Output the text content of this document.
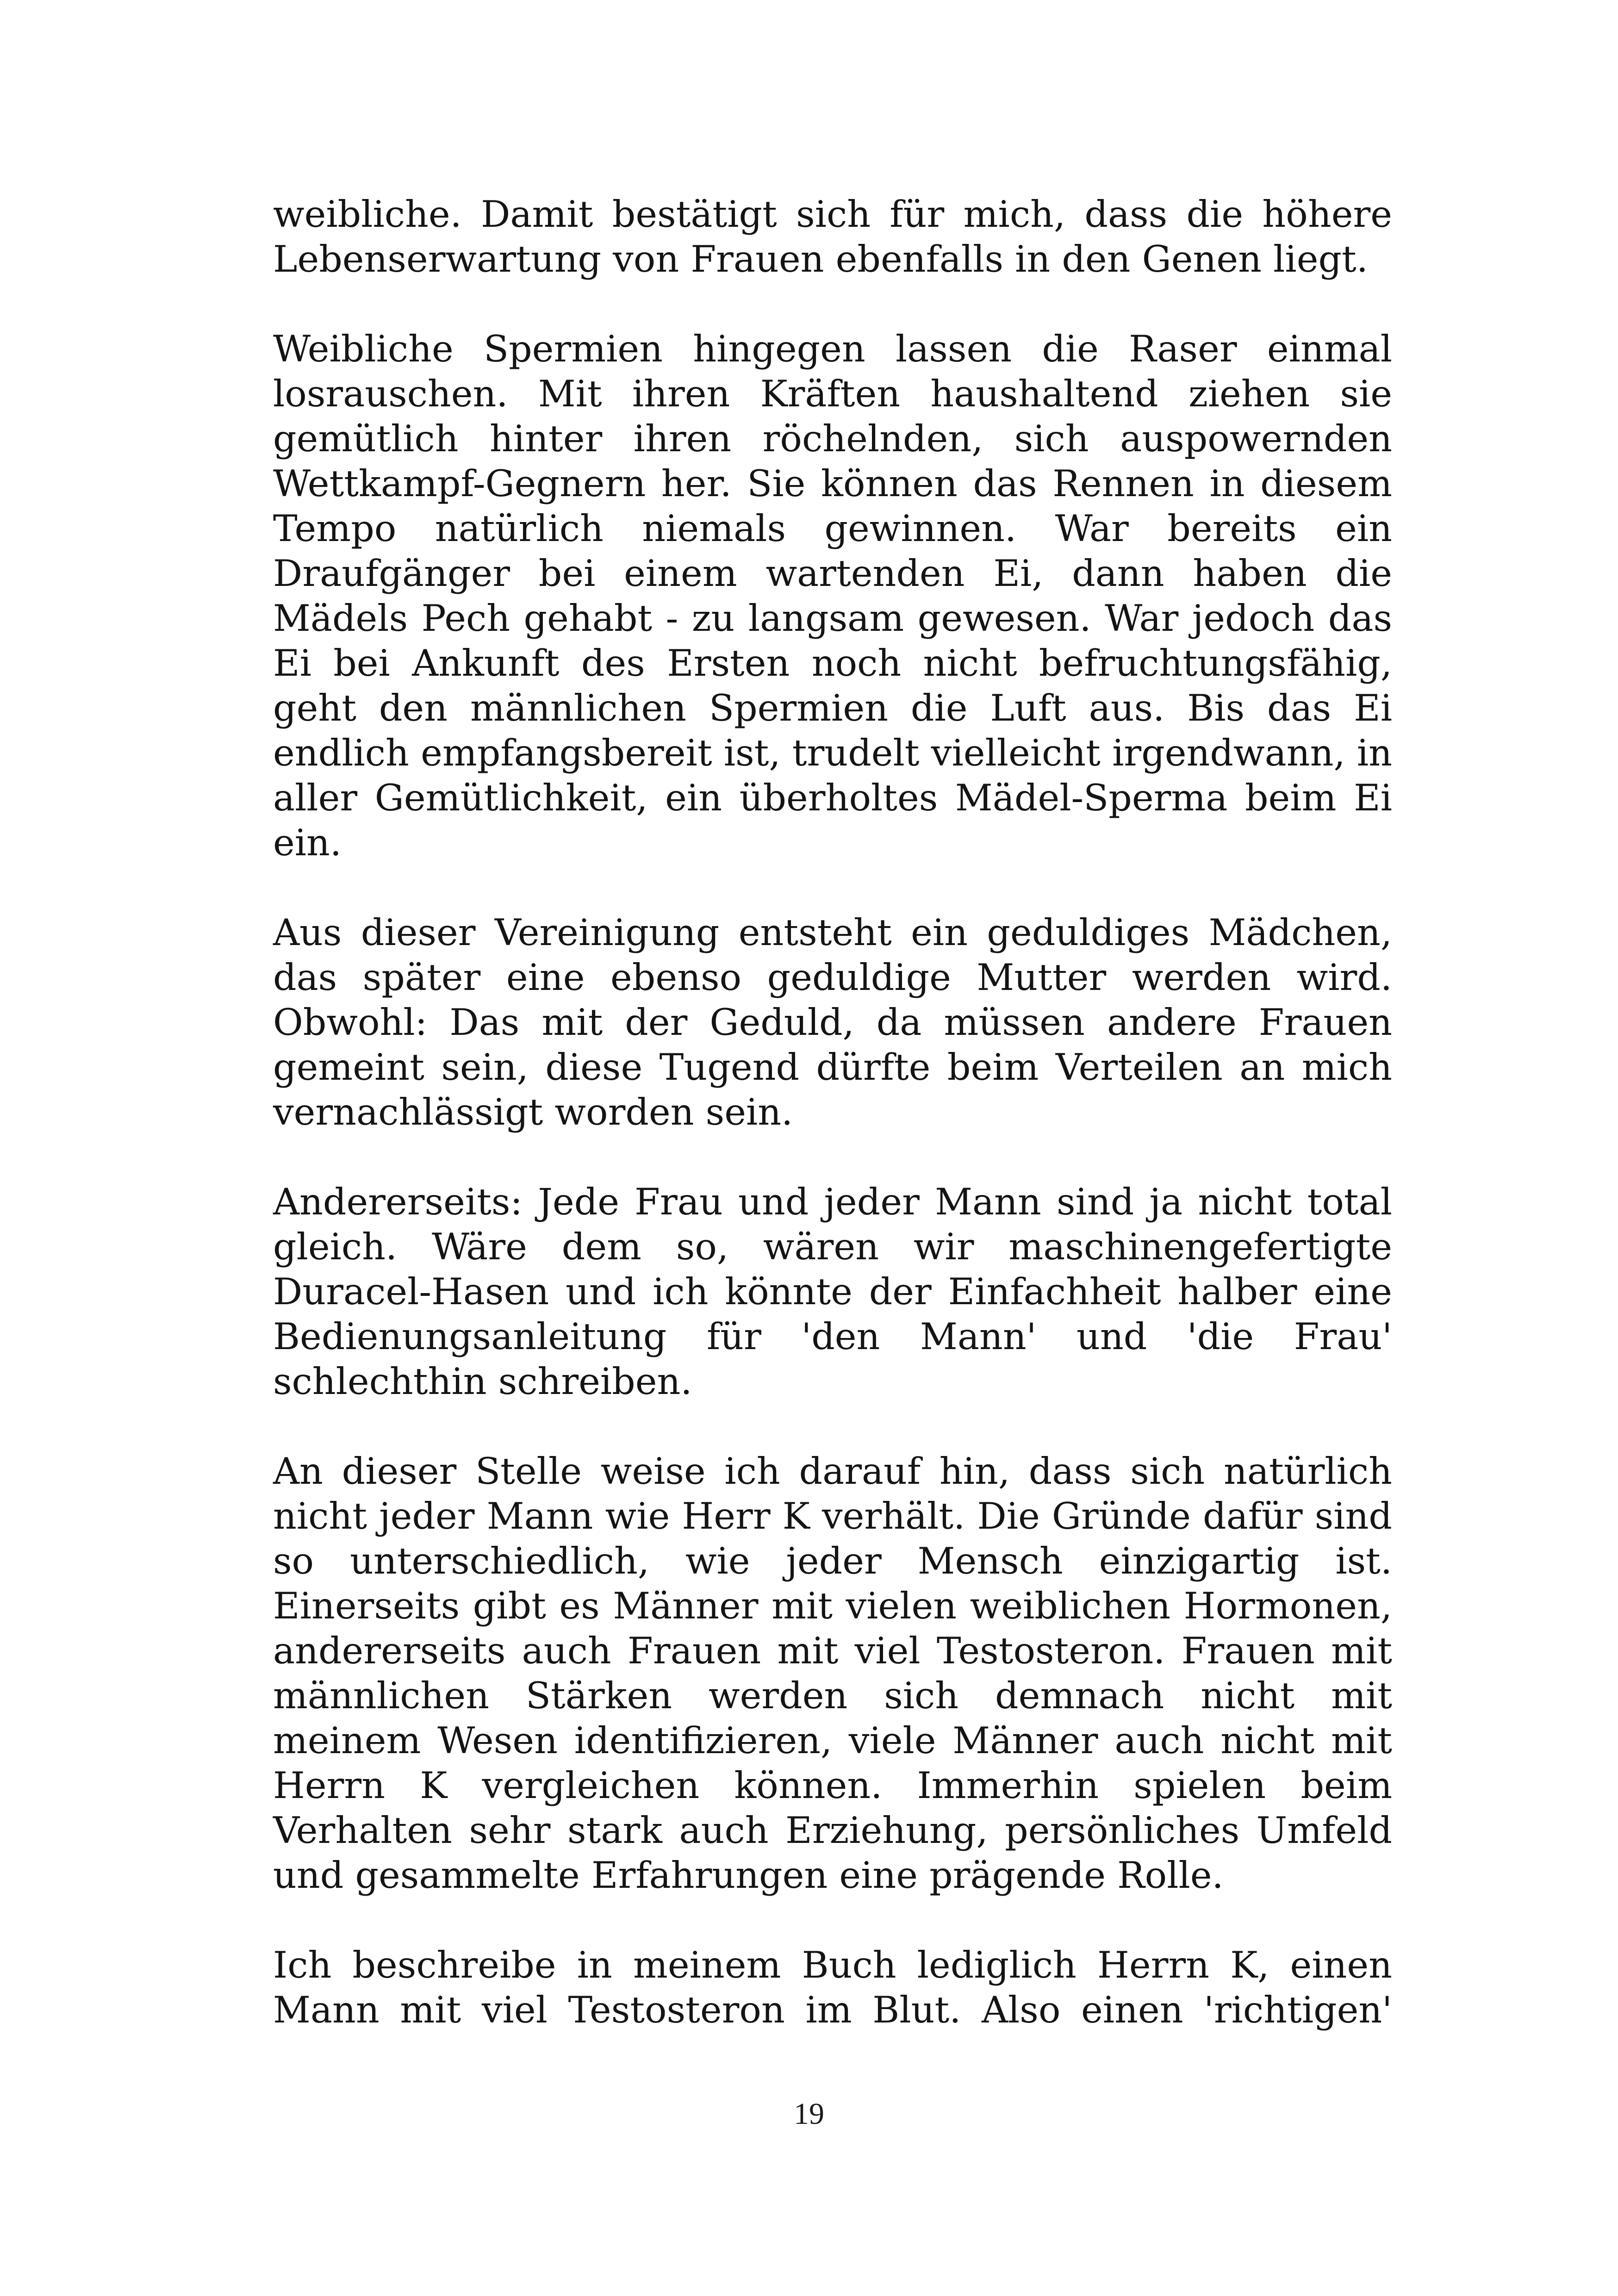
weibliche. Damit bestätigt sich für mich, dass die höhere
Lebenserwartung von Frauen ebenfalls in den Genen liegt.
Weibliche Spermien hingegen lassen die Raser einmal
losrauschen. Mit ihren Kräften haushaltend ziehen sie
gemütlich hinter ihren röchelnden, sich auspowernden
Wettkampf-Gegnern her. Sie können das Rennen in diesem
Tempo natürlich niemals gewinnen. War bereits ein
Draufgänger bei einem wartenden Ei, dann haben die
Mädels Pech gehabt - zu langsam gewesen. War jedoch das
Ei bei Ankunft des Ersten noch nicht befruchtungsfähig,
geht den männlichen Spermien die Luft aus. Bis das Ei
endlich empfangsbereit ist, trudelt vielleicht irgendwann, in
aller Gemütlichkeit, ein überholtes Mädel-Sperma beim Ei
ein.
Aus dieser Vereinigung entsteht ein geduldiges Mädchen,
das später eine ebenso geduldige Mutter werden wird.
Obwohl: Das mit der Geduld, da müssen andere Frauen
gemeint sein, diese Tugend dürfte beim Verteilen an mich
vernachlässigt worden sein.
Andererseits: Jede Frau und jeder Mann sind ja nicht total
gleich. Wäre dem so, wären wir maschinengefertigte
Duracel-Hasen und ich könnte der Einfachheit halber eine
Bedienungsanleitung für 'den Mann' und 'die Frau'
schlechthin schreiben.
An dieser Stelle weise ich darauf hin, dass sich natürlich
nicht jeder Mann wie Herr K verhält. Die Gründe dafür sind
so unterschiedlich, wie jeder Mensch einzigartig ist.
Einerseits gibt es Männer mit vielen weiblichen Hormonen,
andererseits auch Frauen mit viel Testosteron. Frauen mit
männlichen Stärken werden sich demnach nicht mit
meinem Wesen identifizieren, viele Männer auch nicht mit
Herrn K vergleichen können. Immerhin spielen beim
Verhalten sehr stark auch Erziehung, persönliches Umfeld
und gesammelte Erfahrungen eine prägende Rolle.
Ich beschreibe in meinem Buch lediglich Herrn K, einen
Mann mit viel Testosteron im Blut. Also einen 'richtigen'
19
